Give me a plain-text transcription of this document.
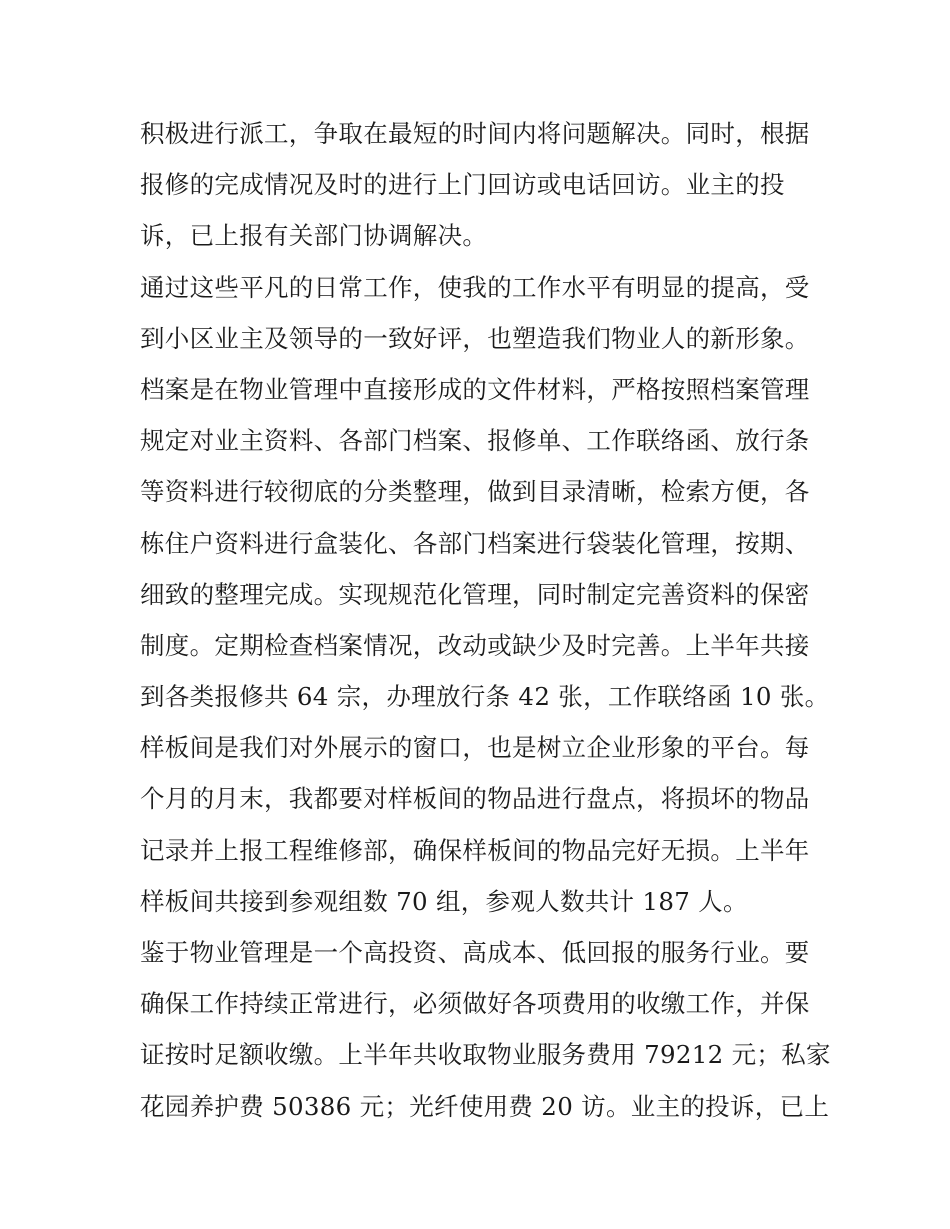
积极进行派工，争取在最短的时间内将问题解决。同时，根据
报修的完成情况及时的进行上门回访或电话回访。业主的投
诉，已上报有关部门协调解决。
通过这些平凡的日常工作，使我的工作水平有明显的提高，受
到小区业主及领导的一致好评，也塑造我们物业人的新形象。
档案是在物业管理中直接形成的文件材料，严格按照档案管理
规定对业主资料、各部门档案、报修单、工作联络函、放行条
等资料进行较彻底的分类整理，做到目录清晰，检索方便，各
栋住户资料进行盒装化、各部门档案进行袋装化管理，按期、
细致的整理完成。实现规范化管理，同时制定完善资料的保密
制度。定期检查档案情况，改动或缺少及时完善。上半年共接
到各类报修共 64 宗，办理放行条 42 张，工作联络函 10 张。
样板间是我们对外展示的窗口，也是树立企业形象的平台。每
个月的月末，我都要对样板间的物品进行盘点，将损坏的物品
记录并上报工程维修部，确保样板间的物品完好无损。上半年
样板间共接到参观组数 70 组，参观人数共计 187 人。
鉴于物业管理是一个高投资、高成本、低回报的服务行业。要
确保工作持续正常进行，必须做好各项费用的收缴工作，并保
证按时足额收缴。上半年共收取物业服务费用 79212 元；私家
花园养护费 50386 元；光纤使用费 20 访。业主的投诉，已上
